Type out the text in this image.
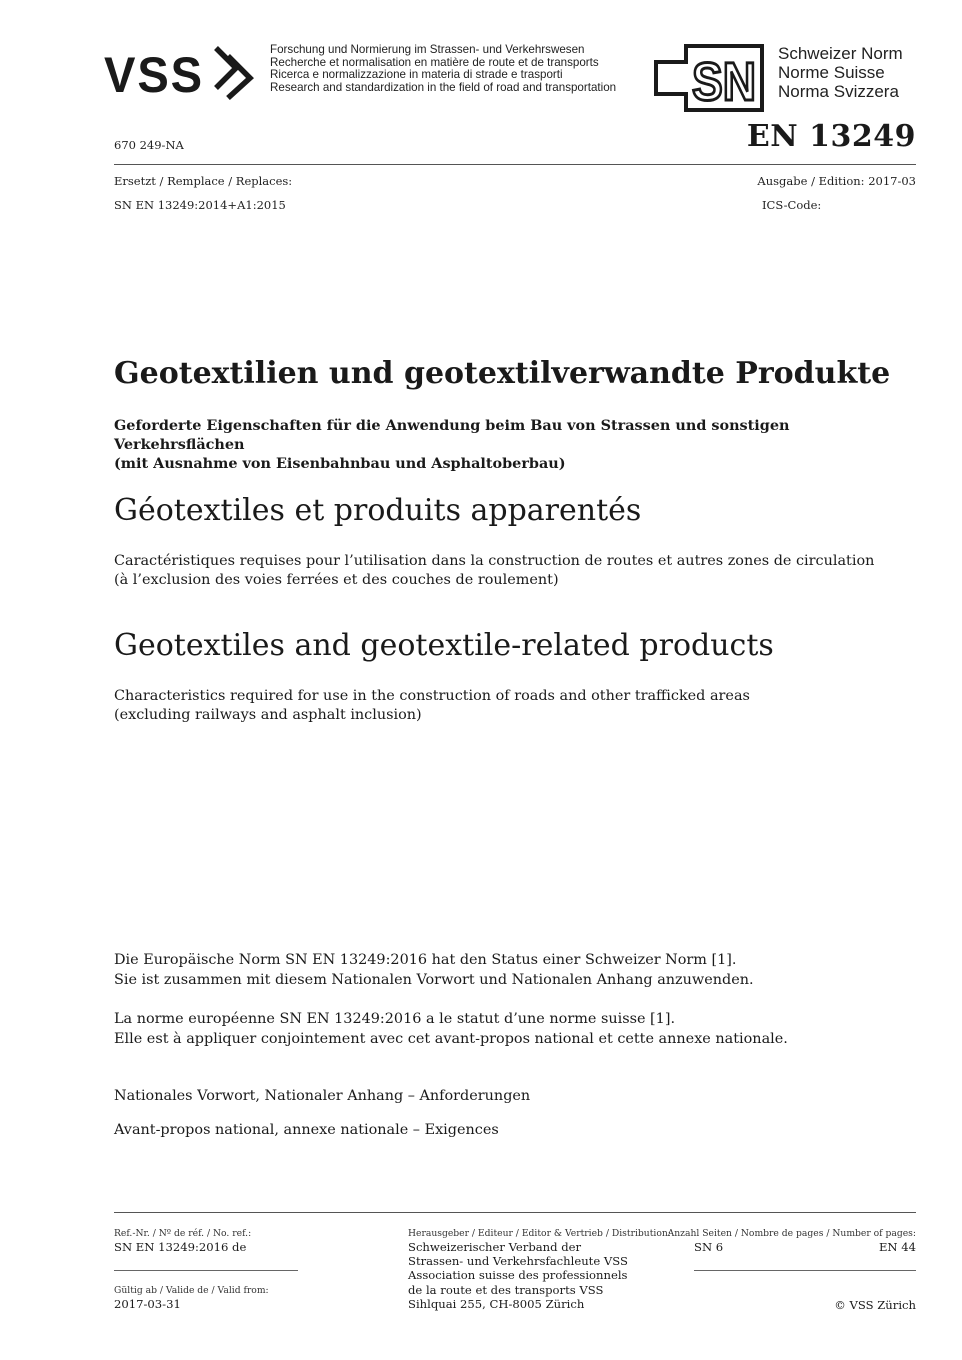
VSS	Forschung und Normierung im Strassen- und Verkehrswesen
Recherche et normalisation en matière de route et de transports
Ricerca e normalizzazione in materia di strade e trasporti
Research and standardization in the field of road and transportation SN Schweizer Norm
Norme Suisse
Norma Svizzera
670 249-NA	EN 13249
Ersetzt / Remplace / Replaces:
SN EN 13249:2014+A1:2015
Ausgabe / Edition: 2017-03
ICS-Code:
Geotextilien und geotextilverwandte Produkte
Geforderte Eigenschaften für die Anwendung beim Bau von Strassen und sonstigen Verkehrsflächen
(mit Ausnahme von Eisenbahnbau und Asphaltoberbau)
Géotextiles et produits apparentés
Caractéristiques requises pour l’utilisation dans la construction de routes et autres zones de circulation
(à l’exclusion des voies ferrées et des couches de roulement)
Geotextiles and geotextile-related products
Characteristics required for use in the construction of roads and other trafficked areas
(excluding railways and asphalt inclusion)
Die Europäische Norm SN EN 13249:2016 hat den Status einer Schweizer Norm [1].
Sie ist zusammen mit diesem Nationalen Vorwort und Nationalen Anhang anzuwenden.
La norme européenne SN EN 13249:2016 a le statut d’une norme suisse [1].
Elle est à appliquer conjointement avec cet avant-propos national et cette annexe nationale.
Nationales Vorwort, Nationaler Anhang – Anforderungen
Avant-propos national, annexe nationale – Exigences
Ref.-Nr. / Nº de réf. / No. ref.:
SN EN 13249:2016 de
Gültig ab / Valide de / Valid from:
2017-03-31
Herausgeber / Editeur / Editor & Vertrieb / Distribution:
Schweizerischer Verband der
Strassen- und Verkehrsfachleute VSS
Association suisse des professionnels
de la route et des transports VSS
Sihlquai 255, CH-8005 Zürich
Anzahl Seiten / Nombre de pages / Number of pages:
SN 6	EN 44
© VSS Zürich
